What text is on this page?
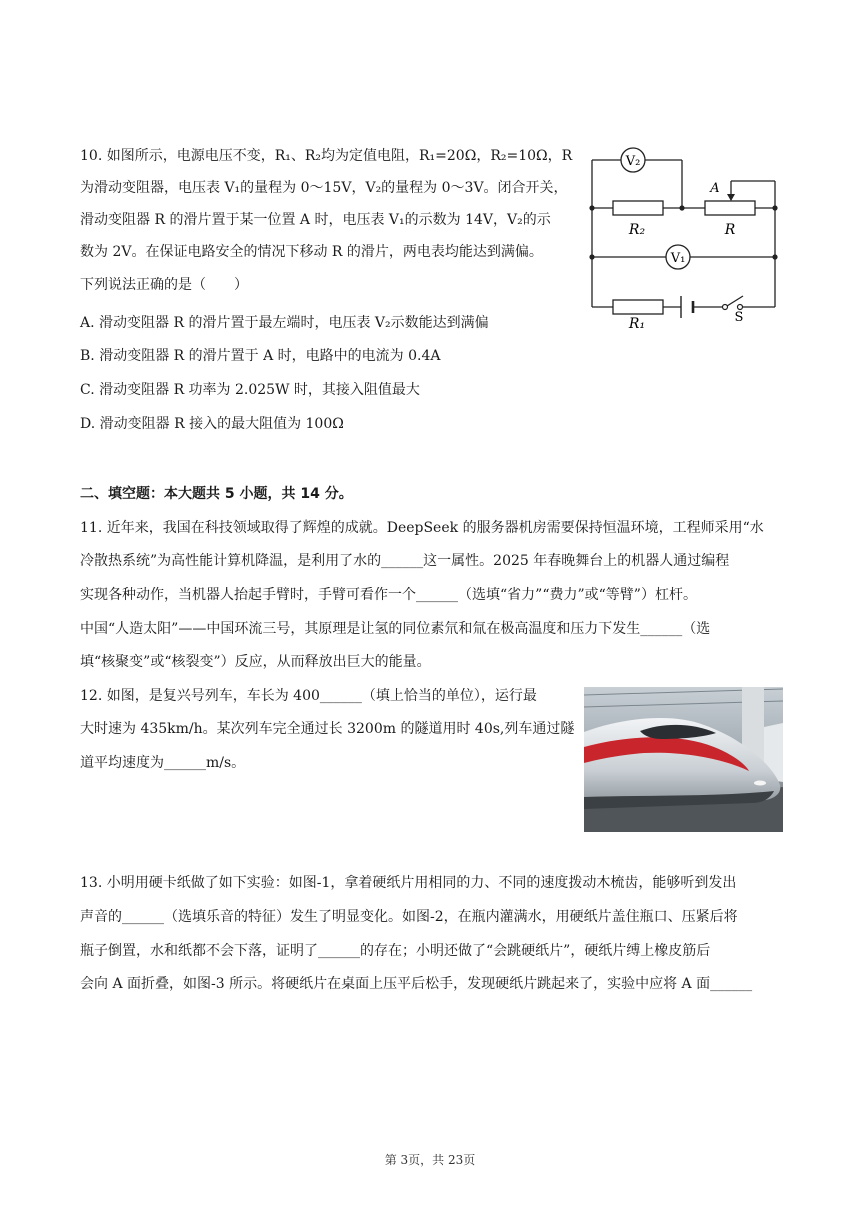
10. 如图所示，电源电压不变，R₁、R₂均为定值电阻，R₁=20Ω，R₂=10Ω，R
为滑动变阻器，电压表 V₁的量程为 0～15V，V₂的量程为 0～3V。闭合开关，
滑动变阻器 R 的滑片置于某一位置 A 时，电压表 V₁的示数为 14V，V₂的示
数为 2V。在保证电路安全的情况下移动 R 的滑片，两电表均能达到满偏。
下列说法正确的是（　　）
A. 滑动变阻器 R 的滑片置于最左端时，电压表 V₂示数能达到满偏
B. 滑动变阻器 R 的滑片置于 A 时，电路中的电流为 0.4A
C. 滑动变阻器 R 功率为 2.025W 时，其接入阻值最大
D. 滑动变阻器 R 接入的最大阻值为 100Ω
V₂
R₂
A
R
V₁
R₁	S
二、填空题：本大题共 5 小题，共 14 分。
11. 近年来，我国在科技领域取得了辉煌的成就。DeepSeek 的服务器机房需要保持恒温环境，工程师采用“水
冷散热系统”为高性能计算机降温，是利用了水的______这一属性。2025 年春晚舞台上的机器人通过编程
实现各种动作，当机器人抬起手臂时，手臂可看作一个______（选填“省力”“费力”或“等臂”）杠杆。
中国“人造太阳”——中国环流三号，其原理是让氢的同位素氘和氚在极高温度和压力下发生______（选
填“核聚变”或“核裂变”）反应，从而释放出巨大的能量。
12. 如图，是复兴号列车，车长为 400______（填上恰当的单位），运行最
大时速为 435km/h。某次列车完全通过长 3200m 的隧道用时 40s,列车通过隧
道平均速度为______m/s。
13. 小明用硬卡纸做了如下实验：如图-1，拿着硬纸片用相同的力、不同的速度拨动木梳齿，能够听到发出
声音的______（选填乐音的特征）发生了明显变化。如图-2，在瓶内灌满水，用硬纸片盖住瓶口、压紧后将
瓶子倒置，水和纸都不会下落，证明了______的存在；小明还做了“会跳硬纸片”，硬纸片缚上橡皮筋后
会向 A 面折叠，如图-3 所示。将硬纸片在桌面上压平后松手，发现硬纸片跳起来了，实验中应将 A 面______
第 3页，共 23页
